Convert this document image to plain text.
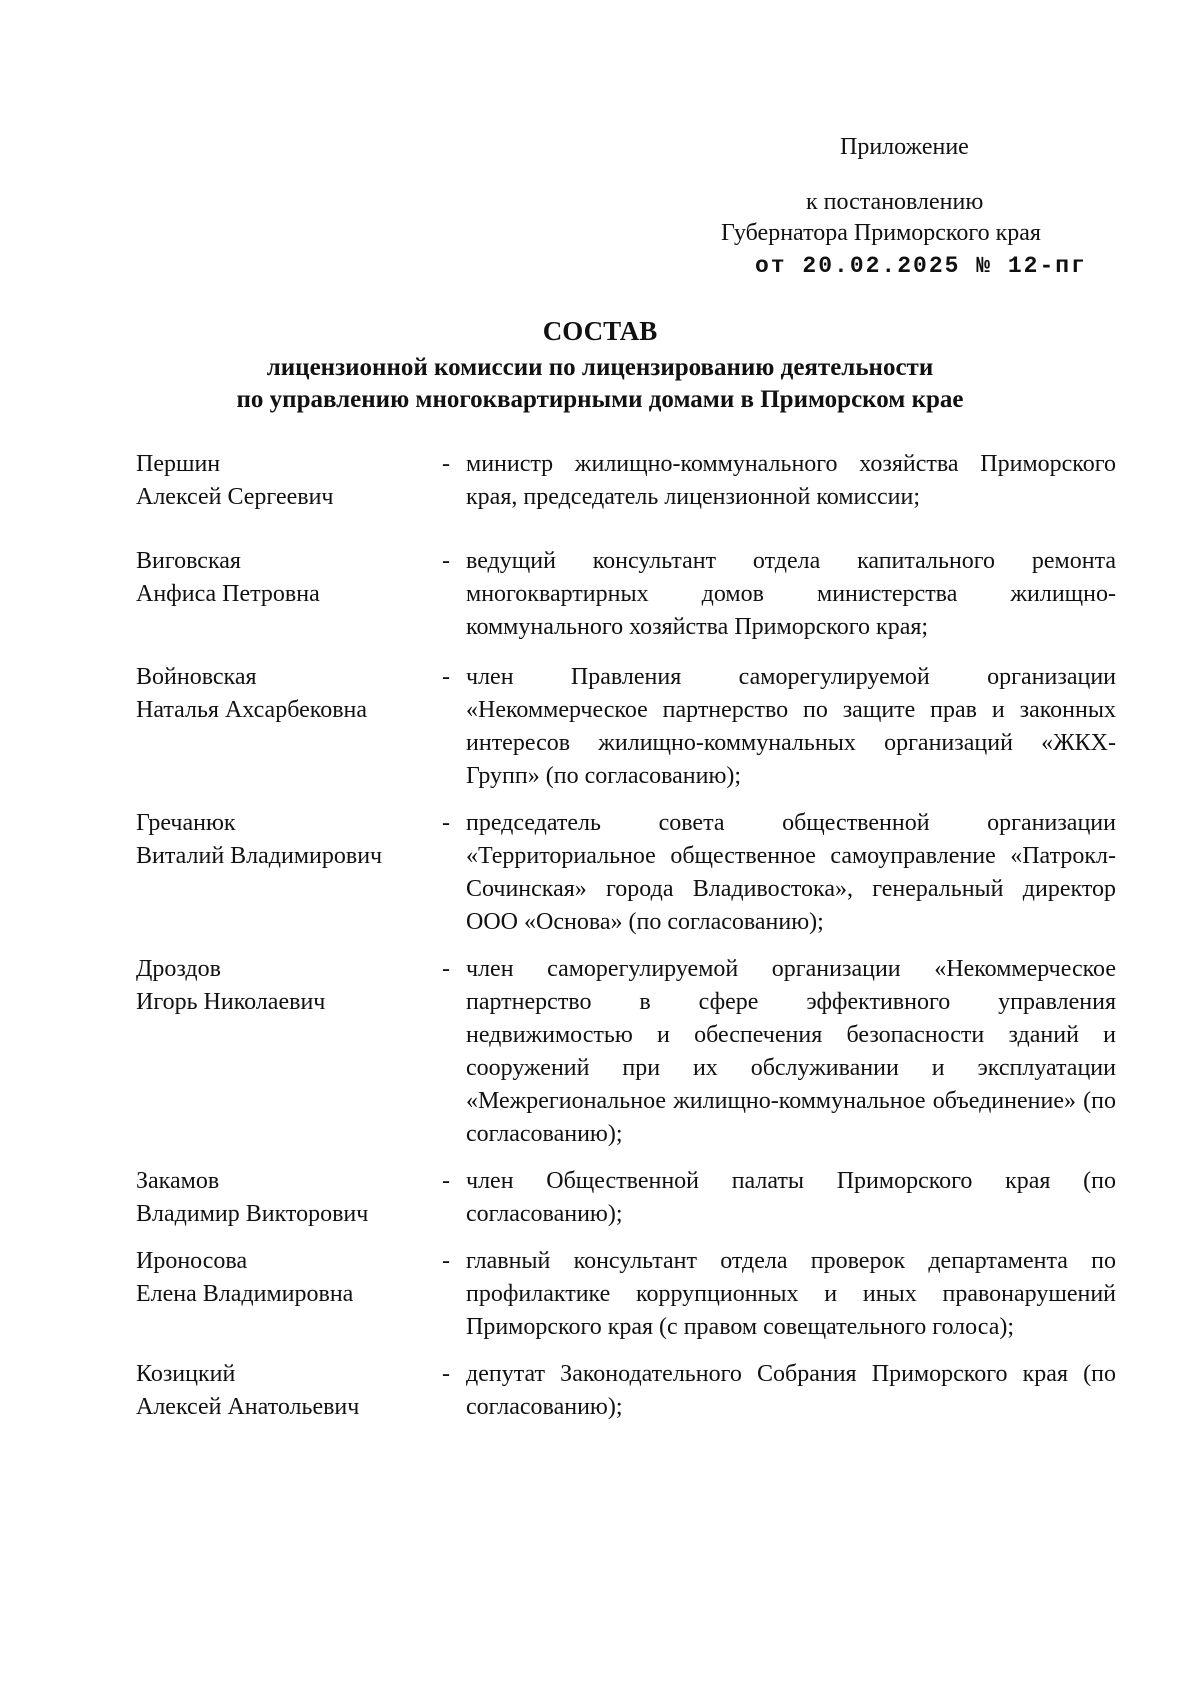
Приложение
к постановлению
Губернатора Приморского края
от 20.02.2025 № 12-пг
СОСТАВ
лицензионной комиссии по лицензированию деятельности
по управлению многоквартирными домами в Приморском крае
Першин
Алексей Сергеевич
- министр жилищно-коммунального хозяйства Приморского края, председатель лицензионной комиссии;
Виговская
Анфиса Петровна
- ведущий консультант отдела капитального ремонта многоквартирных домов министерства жилищно-коммунального хозяйства Приморского края;
Войновская
Наталья Ахсарбековна
- член Правления саморегулируемой организации «Некоммерческое партнерство по защите прав и законных интересов жилищно-коммунальных организаций «ЖКХ-Групп» (по согласованию);
Гречанюк
Виталий Владимирович
- председатель совета общественной организации «Территориальное общественное самоуправление «Патрокл-Сочинская» города Владивостока», генеральный директор ООО «Основа» (по согласованию);
Дроздов
Игорь Николаевич
- член саморегулируемой организации «Некоммерческое партнерство в сфере эффективного управления недвижимостью и обеспечения безопасности зданий и сооружений при их обслуживании и эксплуатации «Межрегиональное жилищно-коммунальное объединение» (по согласованию);
Закамов
Владимир Викторович
- член Общественной палаты Приморского края (по согласованию);
Ироносова
Елена Владимировна
- главный консультант отдела проверок департамента по профилактике коррупционных и иных правонарушений Приморского края (с правом совещательного голоса);
Козицкий
Алексей Анатольевич
- депутат Законодательного Собрания Приморского края (по согласованию);
